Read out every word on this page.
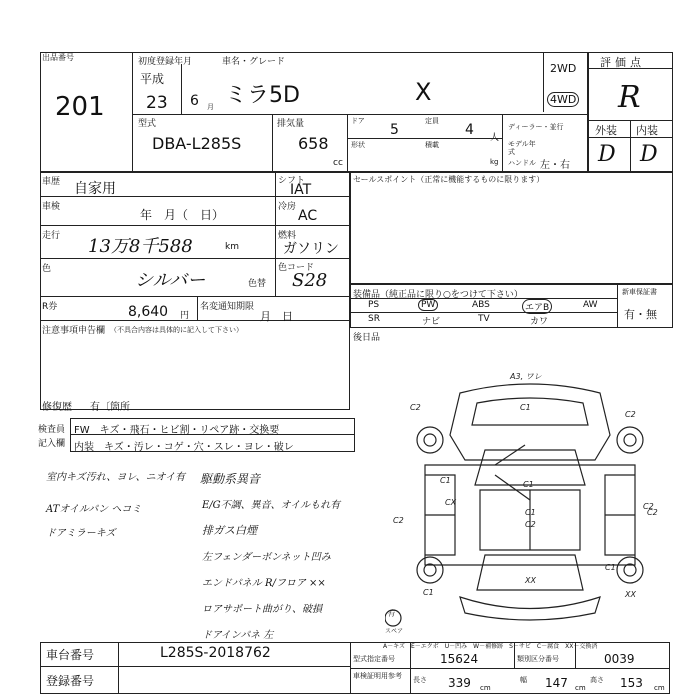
出品番号
201
初度登録年月	車名・グレード
平成
23 6 月 ミラ5D	X
2WD
4WD
型式
DBA-L285S
排気量
658
cc
ドア
5
定員
4 人
形状	積載
kg
ディーラー・並行
モデル年式
ハンドル 左・右
評価点
R
外装 内装
D D
車歴 自家用
車検
年　月（　日）
走行 13万8千588	km
色
シルバー	色替
R券	8,640 円
名変通知期限
月　日
シフト
IAT
冷房
AC
燃料
ガソリン
色コード
S28
注意事項申告欄 （不具合内容は具体的に記入して下さい）
修復歴 有〔箇所
セールスポイント（正常に機能するものに限ります）
装備品（純正品に限り○をつけて下さい）
PS	PW	ABS	エアB	AW
SR	ナビ	TV	カワ
新車保証書
有・無
後日品
検査員
記入欄
FW　キズ・飛石・ヒビ割・リペア跡・交換要
内装　キズ・汚レ・コゲ・穴・スレ・ヨレ・破レ
室内キズ汚れ、ヨレ、ニオイ有
ATオイルパン ヘコミ
ドアミラーキズ
駆動系異音
E/G不調、異音、オイルもれ有
排ガス白煙
左フェンダーボンネット凹み
エンドパネル R/フロア ××
ロアサポート曲がり、破損
ドアインパネ 左
A3, ワレ
C2
C2	C1
C1	C1
CX
C1
C2
C2
XX
XX
C1
C2
C1
C2
有
スペア
A－キズ　E－エクボ　U－凹み　W－補修跡　S－サビ　C－腐食　XX－交換済
車台番号	L285S-2018762
登録番号
型式指定番号	15624	類別区分番号	0039
車検証明用参考 長さ 339 cm
幅 147 cm
高さ 153 cm
